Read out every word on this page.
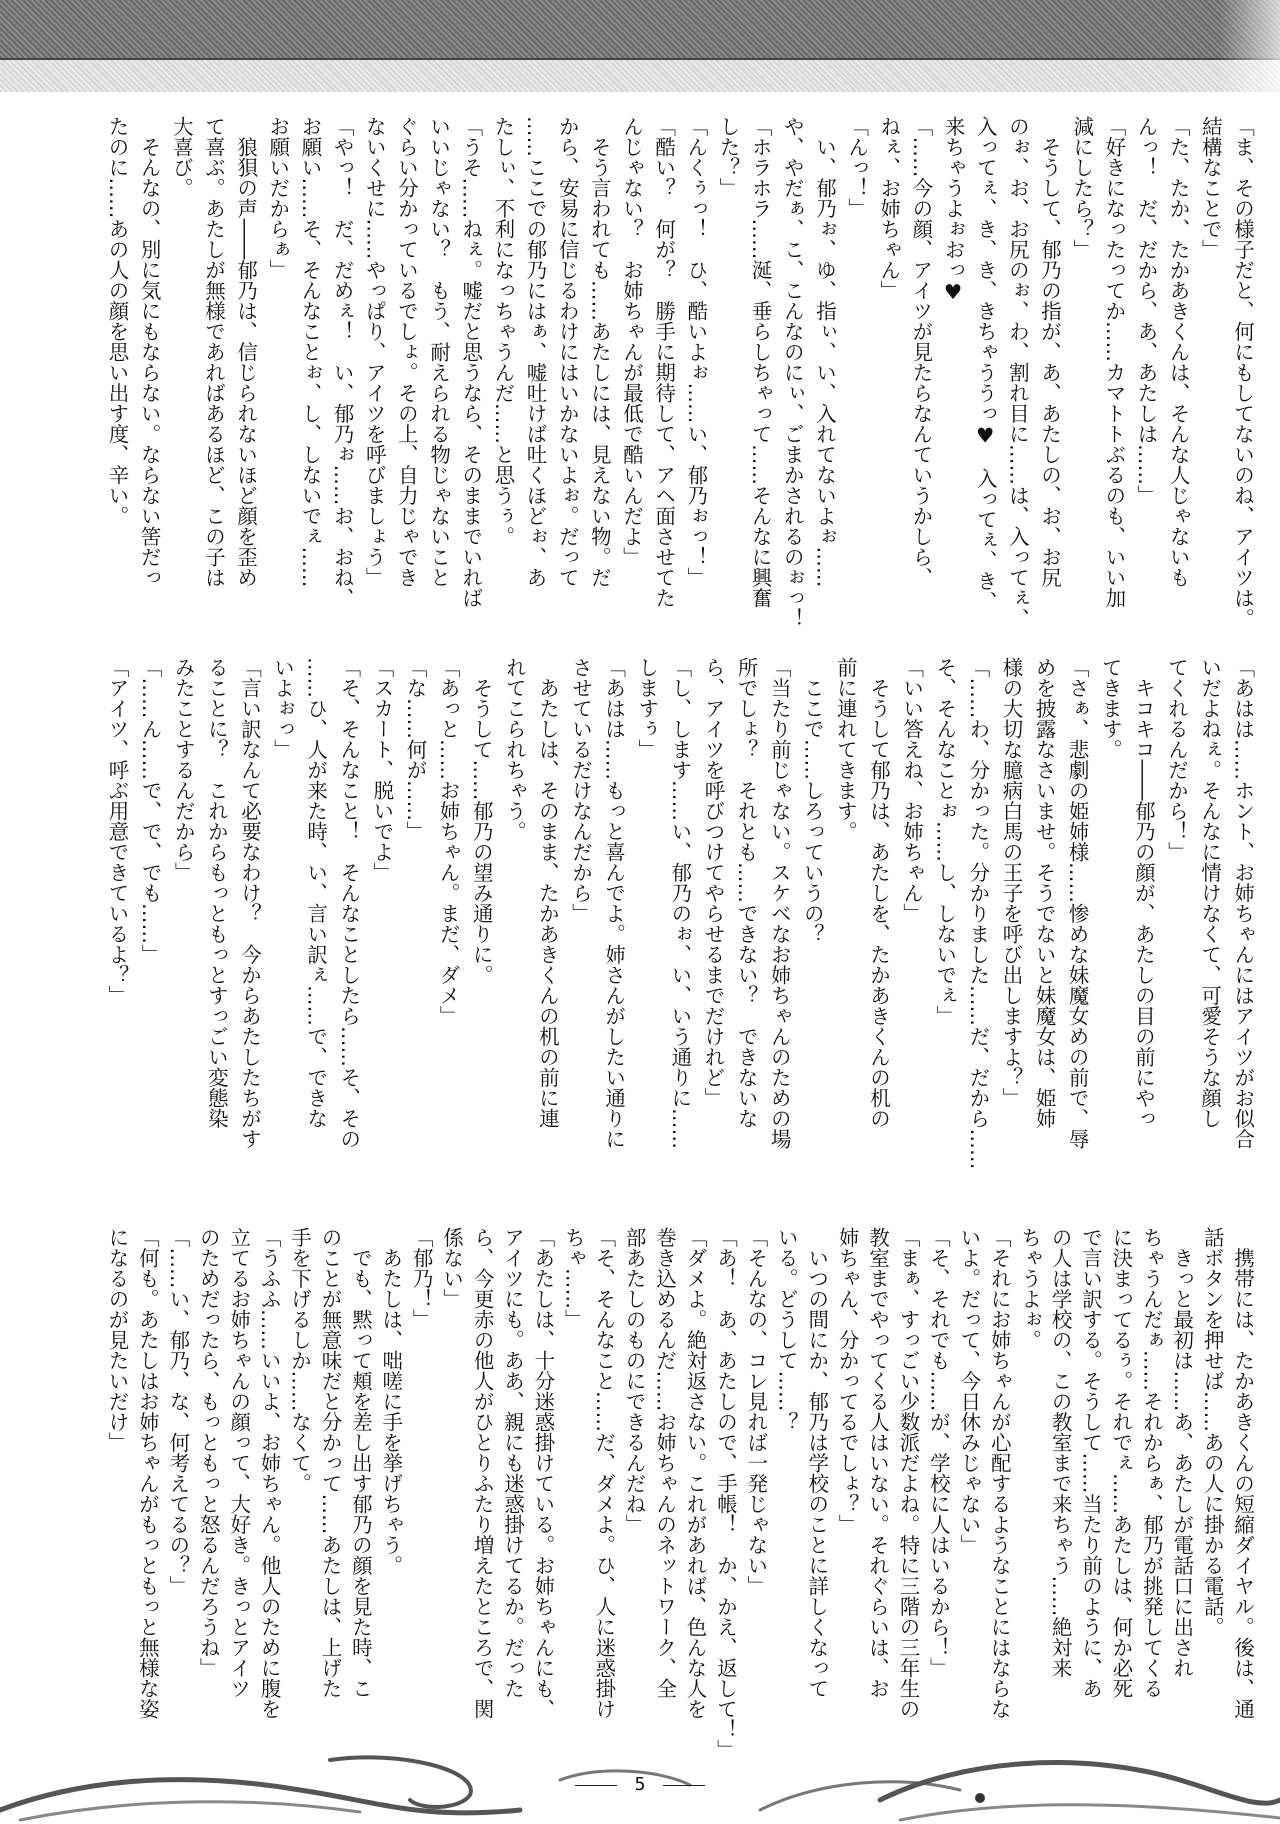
「ま、その様子だと、何にもしてないのね、アイツは。
結構なことで」
「た、たか、たかあきくんは、そんな人じゃないも
んっ！　だ、だから、あ、あたしは……」
「好きになったってか……カマトトぶるのも、いい加
減にしたら？」
　そうして、郁乃の指が、あ、あたしの、お、お尻
のぉ、お、お尻のぉ、わ、割れ目に……は、入ってぇ、
入ってぇ、き、き、きちゃううっ♥　入ってぇ、き、
来ちゃうよぉおっ♥
「……今の顔、アイツが見たらなんていうかしら、
ねぇ、お姉ちゃん」
「んっ！」
　い、郁乃ぉ、ゆ、指ぃ、い、入れてないよぉ……
や、やだぁ、こ、こんなのにぃ、ごまかされるのぉっ！
「ホラホラ……涎、垂らしちゃって……そんなに興奮
した？」
「んくぅっ！　ひ、酷いよぉ……い、郁乃ぉっ！」
「酷い？　何が？　勝手に期待して、アヘ面させてた
んじゃない？　お姉ちゃんが最低で酷いんだよ」
　そう言われても……あたしには、見えない物。だ
から、安易に信じるわけにはいかないよぉ。だって
……ここでの郁乃にはぁ、嘘吐けば吐くほどぉ、あ
たしぃ、不利になっちゃうんだ……と思うぅ。
「うそ……ねぇ。嘘だと思うなら、そのままでいれば
いいじゃない？　もう、耐えられる物じゃないこと
ぐらい分かっているでしょ。その上、自力じゃでき
ないくせに……やっぱり、アイツを呼びましょう」
「やっ！　だ、だめぇ！　い、郁乃ぉ……お、おね、
お願い……そ、そんなことぉ、し、しないでぇ……
お願いだからぁ」
　狼狽の声――郁乃は、信じられないほど顔を歪め
て喜ぶ。あたしが無様であればあるほど、この子は
大喜び。
　そんなの、別に気にもならない。ならない筈だっ
たのに……あの人の顔を思い出す度、辛い。
「あはは……ホント、お姉ちゃんにはアイツがお似合
いだよねぇ。そんなに情けなくて、可愛そうな顔し
てくれるんだから！」
　キコキコ――郁乃の顔が、あたしの目の前にやっ
てきます。
「さぁ、悲劇の姫姉様……惨めな妹魔女めの前で、辱
めを披露なさいませ。そうでないと妹魔女は、姫姉
様の大切な臆病白馬の王子を呼び出しますよ？」
「……わ、分かった。分かりました……だ、だから……
そ、そんなことぉ……し、しないでぇ」
「いい答えね、お姉ちゃん」
　そうして郁乃は、あたしを、たかあきくんの机の
前に連れてきます。
　ここで……しろっていうの？
「当たり前じゃない。スケベなお姉ちゃんのための場
所でしょ？　それとも……できない？　できないな
ら、アイツを呼びつけてやらせるまでだけれど」
「し、します……い、郁乃のぉ、い、いう通りに……
しますぅ」
「あはは……もっと喜んでよ。姉さんがしたい通りに
させているだけなんだから」
　あたしは、そのまま、たかあきくんの机の前に連
れてこられちゃう。
　そうして……郁乃の望み通りに。
「あっと……お姉ちゃん。まだ、ダメ」
「な……何が……」
「スカート、脱いでよ」
「そ、そんなこと！　そんなことしたら……そ、その
……ひ、人が来た時、い、言い訳ぇ……で、できな
いよぉっ」
「言い訳なんて必要なわけ？　今からあたしたちがす
ることに？　これからもっともっとすっごい変態染
みたことするんだから」
「……ん……で、で、でも……」
「アイツ、呼ぶ用意できているよ？」
　携帯には、たかあきくんの短縮ダイヤル。後は、通
話ボタンを押せば……あの人に掛かる電話。
　きっと最初は……あ、あたしが電話口に出され
ちゃうんだぁ……それからぁ、郁乃が挑発してくる
に決まってるぅ。それでぇ……あたしは、何か必死
で言い訳する。そうして……当たり前のように、あ
の人は学校の、この教室まで来ちゃう……絶対来
ちゃうよぉ。
「それにお姉ちゃんが心配するようなことにはならな
いよ。だって、今日休みじゃない」
「そ、それでも……が、学校に人はいるから！」
「まぁ、すっごい少数派だよね。特に三階の三年生の
教室までやってくる人はいない。それぐらいは、お
姉ちゃん、分かってるでしょ？」
　いつの間にか、郁乃は学校のことに詳しくなって
いる。どうして……？
「そんなの、コレ見れば一発じゃない」
「あ！　あ、あたしので、手帳！　か、かえ、返して！」
「ダメよ。絶対返さない。これがあれば、色んな人を
巻き込めるんだ……お姉ちゃんのネットワーク、全
部あたしのものにできるんだね」
「そ、そんなこと……だ、ダメよ。ひ、人に迷惑掛け
ちゃ……」
「あたしは、十分迷惑掛けている。お姉ちゃんにも、
アイツにも。ああ、親にも迷惑掛けてるか。だった
ら、今更赤の他人がひとりふたり増えたところで、関
係ない」
「郁乃！」
　あたしは、咄嗟に手を挙げちゃう。
　でも、黙って頬を差し出す郁乃の顔を見た時、こ
のことが無意味だと分かって……あたしは、上げた
手を下げるしか……なくて。
「うふふ……いいよ、お姉ちゃん。他人のために腹を
立てるお姉ちゃんの顔って、大好き。きっとアイツ
のためだったら、もっともっと怒るんだろうね」
「……い、郁乃、な、何考えてるの？」
「何も。あたしはお姉ちゃんがもっともっと無様な姿
になるのが見たいだけ」
5
